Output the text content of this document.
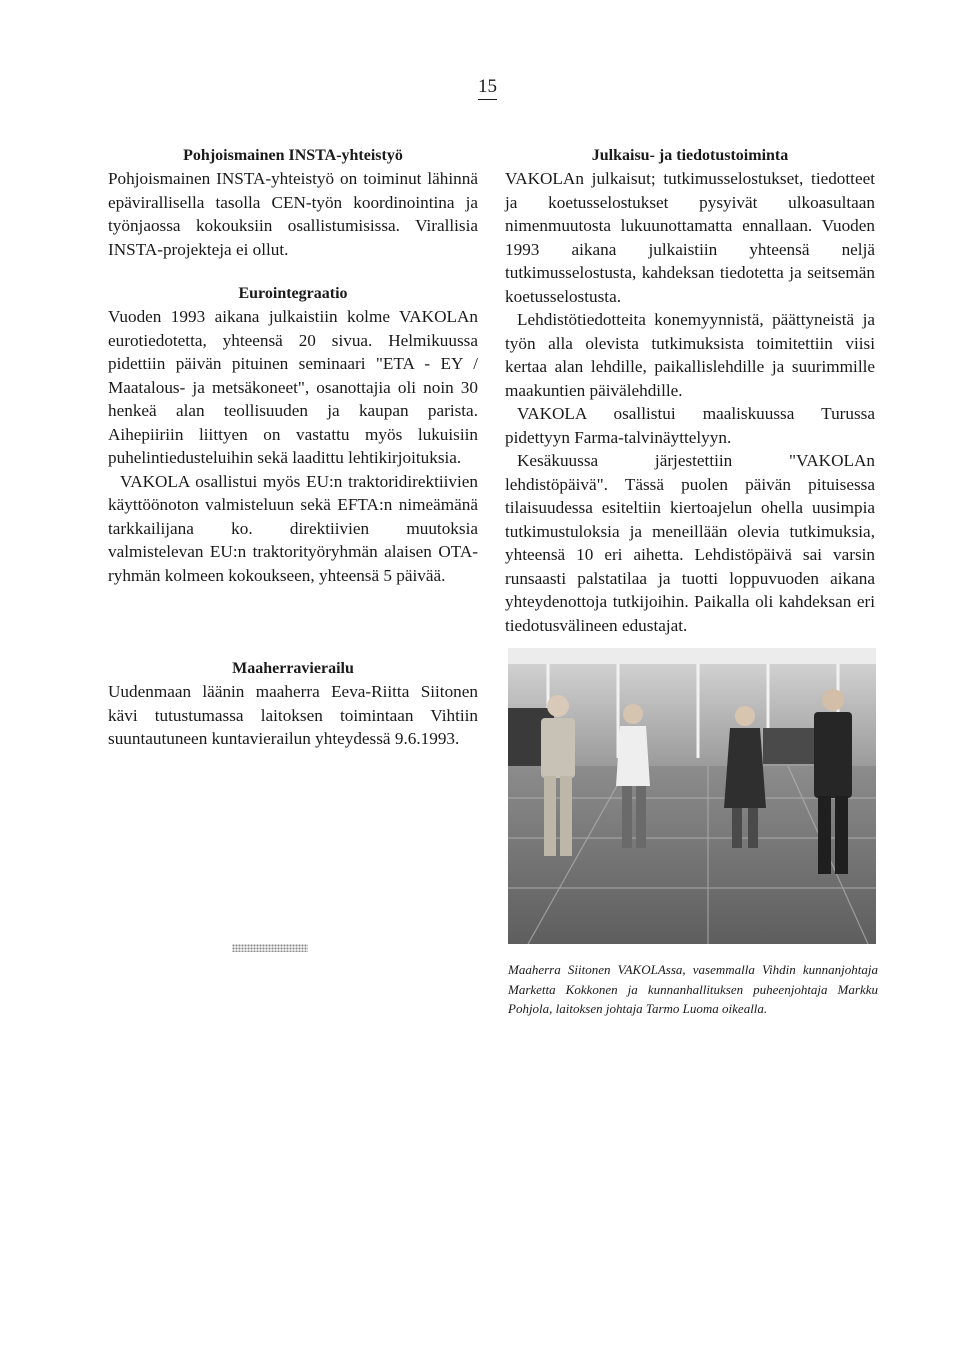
15
Pohjoismainen INSTA-yhteistyö

Pohjoismainen INSTA-yhteistyö on toiminut lähinnä epävirallisella tasolla CEN-työn koordinointina ja työnjaossa kokouksiin osallistumisissa. Virallisia INSTA-projekteja ei ollut.

Eurointegraatio

Vuoden 1993 aikana julkaistiin kolme VAKOLAn eurotiedotetta, yhteensä 20 sivua. Helmikuussa pidettiin päivän pituinen seminaari "ETA - EY / Maatalous- ja metsäkoneet", osanottajia oli noin 30 henkeä alan teollisuuden ja kaupan parista. Aihepiiriin liittyen on vastattu myös lukuisiin puhelintiedusteluihin sekä laadittu lehtikirjoituksia.

VAKOLA osallistui myös EU:n traktoridirektiivien käyttöönoton valmisteluun sekä EFTA:n nimeämänä tarkkailijana ko. direktiivien muutoksia valmistelevan EU:n traktorityöryhmän alaisen OTA-ryhmän kolmeen kokoukseen, yhteensä 5 päivää.

Maaherravierailu

Uudenmaan läänin maaherra Eeva-Riitta Siitonen kävi tutustumassa laitoksen toimintaan Vihtiin suuntautuneen kuntavierailun yhteydessä 9.6.1993.

Julkaisu- ja tiedotustoiminta

VAKOLAn julkaisut; tutkimusselostukset, tiedotteet ja koetusselostukset pysyivät ulkoasultaan nimenmuutosta lukuunottamatta ennallaan. Vuoden 1993 aikana julkaistiin yhteensä neljä tutkimusselostusta, kahdeksan tiedotetta ja seitsemän koetusselostusta.

Lehdistötiedotteita konemyynnistä, päättyneistä ja työn alla olevista tutkimuksista toimitettiin viisi kertaa alan lehdille, paikallislehdille ja suurimmille maakuntien päivälehdille.

VAKOLA osallistui maaliskuussa Turussa pidettyyn Farma-talvinäyttelyyn.

Kesäkuussa järjestettiin "VAKOLAn lehdistöpäivä". Tässä puolen päivän pituisessa tilaisuudessa esiteltiin kiertoajelun ohella uusimpia tutkimustuloksia ja meneillään olevia tutkimuksia, yhteensä 10 eri aihetta. Lehdistöpäivä sai varsin runsaasti palstatilaa ja tuotti loppuvuoden aikana yhteydenottoja tutkijoihin. Paikalla oli kahdeksan eri tiedotusvälineen edustajat.

Maaherra Siitonen VAKOLAssa, vasemmalla Vihdin kunnanjohtaja Marketta Kokkonen ja kunnanhallituksen puheenjohtaja Markku Pohjola, laitoksen johtaja Tarmo Luoma oikealla.
